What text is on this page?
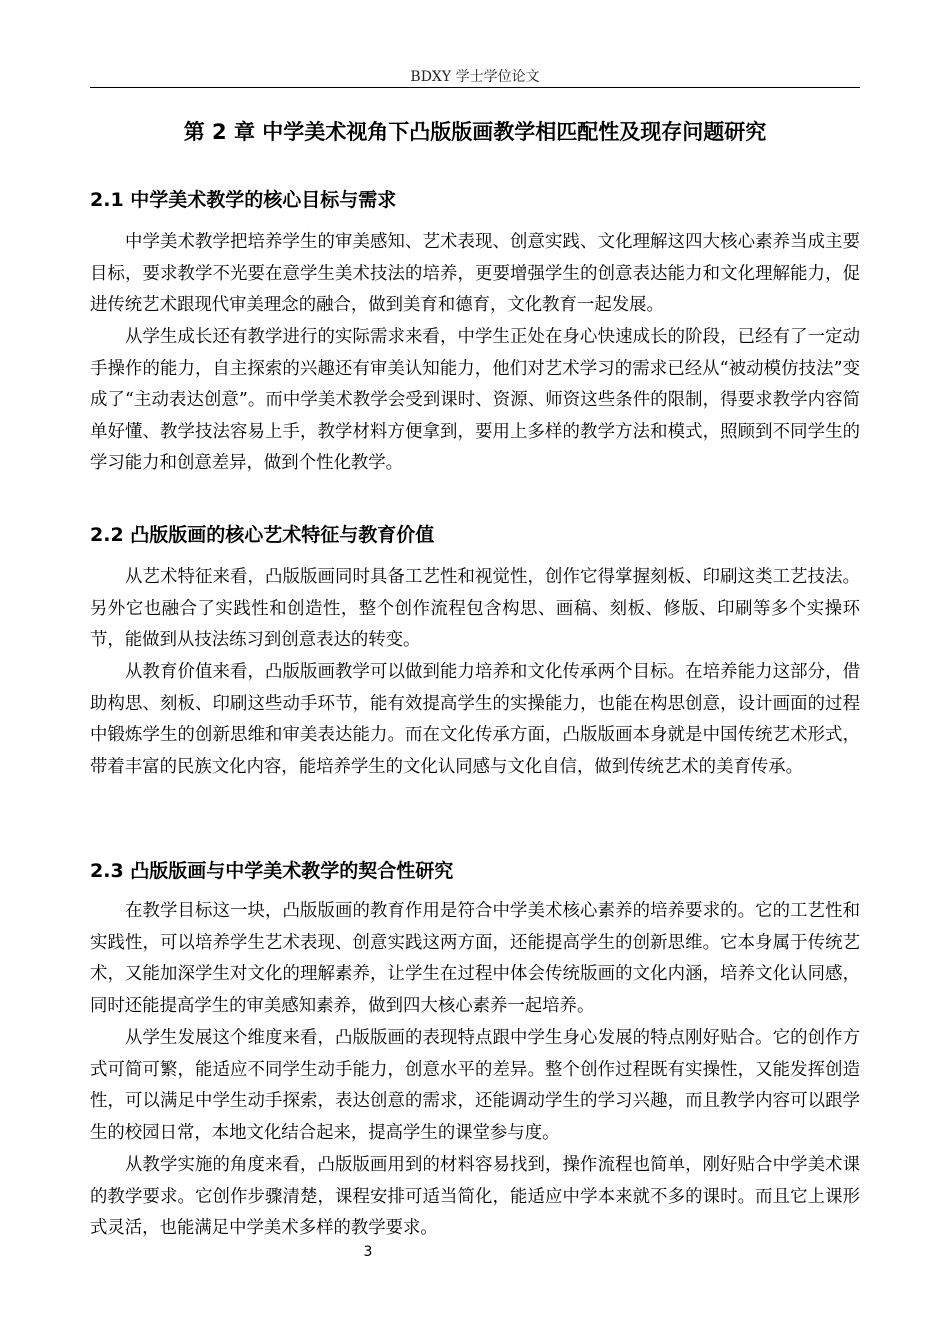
BDXY 学士学位论文
第 2 章 中学美术视角下凸版版画教学相匹配性及现存问题研究
2.1 中学美术教学的核心目标与需求

中学美术教学把培养学生的审美感知、艺术表现、创意实践、文化理解这四大核心素养当成主要目标，要求教学不光要在意学生美术技法的培养，更要增强学生的创意表达能力和文化理解能力，促进传统艺术跟现代审美理念的融合，做到美育和德育，文化教育一起发展。

从学生成长还有教学进行的实际需求来看，中学生正处在身心快速成长的阶段，已经有了一定动手操作的能力，自主探索的兴趣还有审美认知能力，他们对艺术学习的需求已经从“被动模仿技法”变成了“主动表达创意”。而中学美术教学会受到课时、资源、师资这些条件的限制，得要求教学内容简单好懂、教学技法容易上手，教学材料方便拿到，要用上多样的教学方法和模式，照顾到不同学生的学习能力和创意差异，做到个性化教学。

2.2 凸版版画的核心艺术特征与教育价值

从艺术特征来看，凸版版画同时具备工艺性和视觉性，创作它得掌握刻板、印刷这类工艺技法。另外它也融合了实践性和创造性，整个创作流程包含构思、画稿、刻板、修版、印刷等多个实操环节，能做到从技法练习到创意表达的转变。

从教育价值来看，凸版版画教学可以做到能力培养和文化传承两个目标。在培养能力这部分，借助构思、刻板、印刷这些动手环节，能有效提高学生的实操能力，也能在构思创意，设计画面的过程中锻炼学生的创新思维和审美表达能力。而在文化传承方面，凸版版画本身就是中国传统艺术形式，带着丰富的民族文化内容，能培养学生的文化认同感与文化自信，做到传统艺术的美育传承。

2.3 凸版版画与中学美术教学的契合性研究

在教学目标这一块，凸版版画的教育作用是符合中学美术核心素养的培养要求的。它的工艺性和实践性，可以培养学生艺术表现、创意实践这两方面，还能提高学生的创新思维。它本身属于传统艺术，又能加深学生对文化的理解素养，让学生在过程中体会传统版画的文化内涵，培养文化认同感，同时还能提高学生的审美感知素养，做到四大核心素养一起培养。

从学生发展这个维度来看，凸版版画的表现特点跟中学生身心发展的特点刚好贴合。它的创作方式可简可繁，能适应不同学生动手能力，创意水平的差异。整个创作过程既有实操性，又能发挥创造性，可以满足中学生动手探索，表达创意的需求，还能调动学生的学习兴趣，而且教学内容可以跟学生的校园日常，本地文化结合起来，提高学生的课堂参与度。

从教学实施的角度来看，凸版版画用到的材料容易找到，操作流程也简单，刚好贴合中学美术课的教学要求。它创作步骤清楚，课程安排可适当简化，能适应中学本来就不多的课时。而且它上课形式灵活，也能满足中学美术多样的教学要求。

3
